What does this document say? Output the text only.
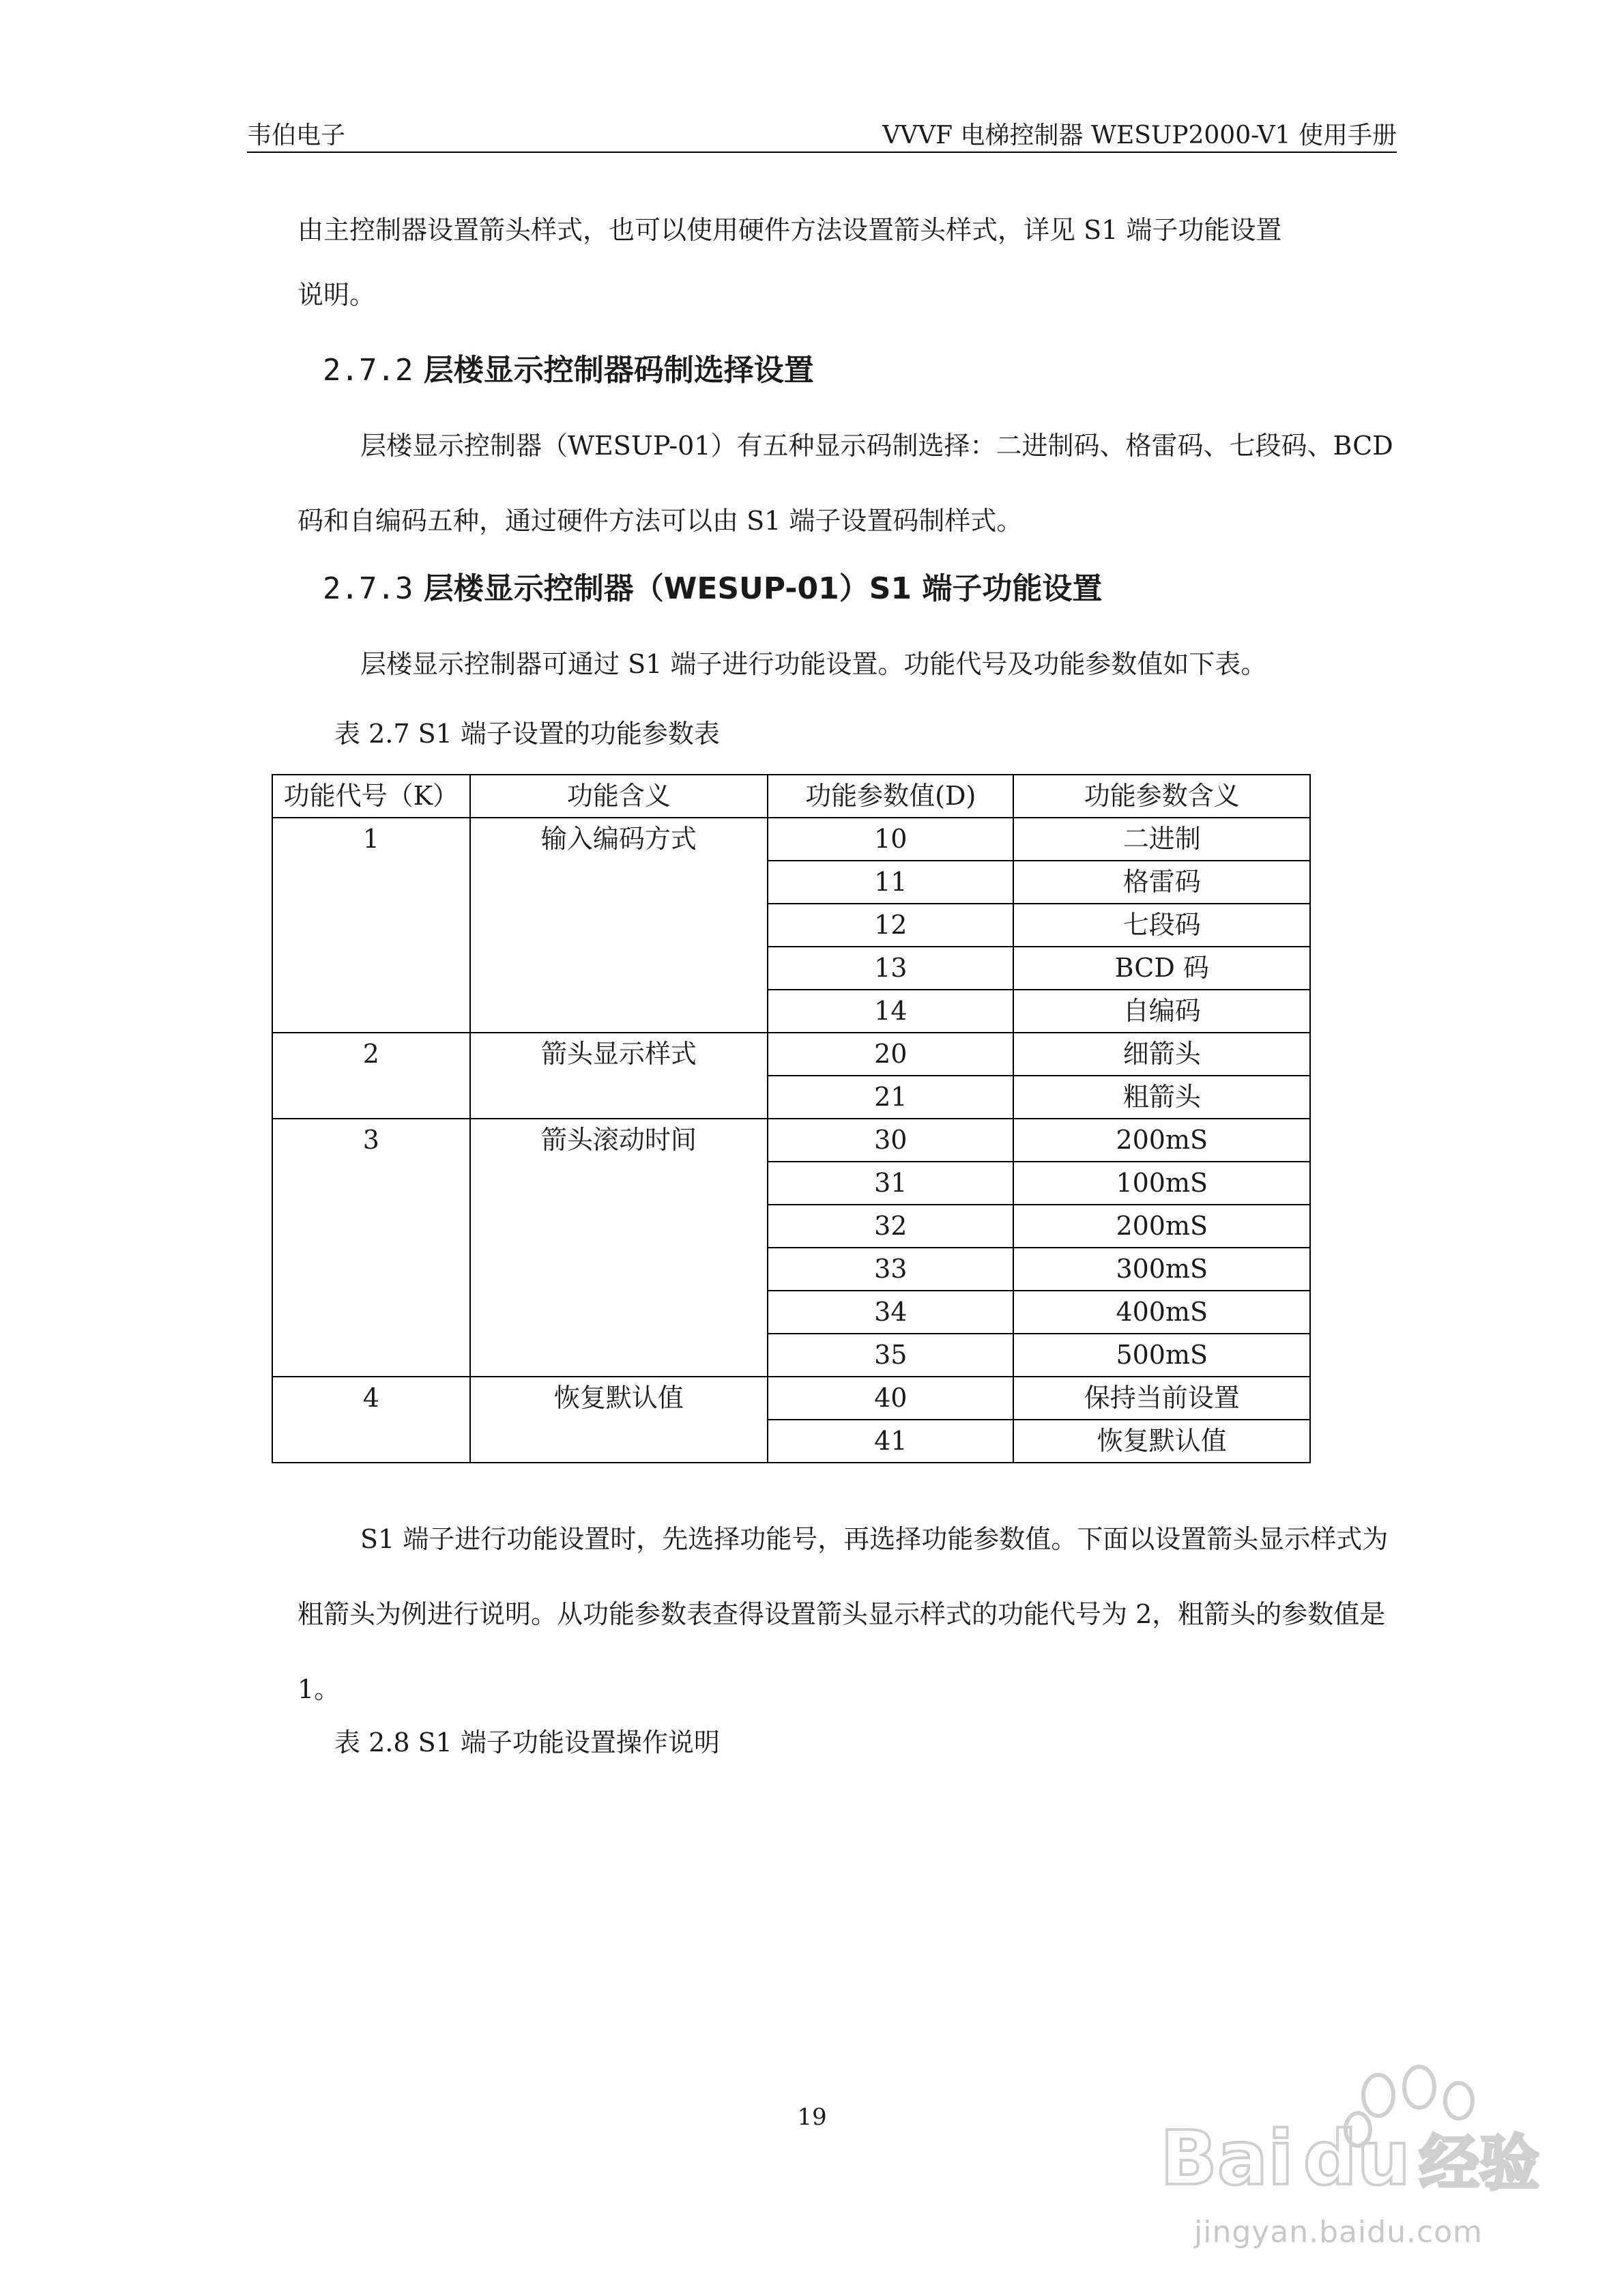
韦伯电子	VVVF 电梯控制器 WESUP2000-V1 使用手册

由主控制器设置箭头样式，也可以使用硬件方法设置箭头样式，详见 S1 端子功能设置

说明。

2.7.2 层楼显示控制器码制选择设置

层楼显示控制器（WESUP-01）有五种显示码制选择：二进制码、格雷码、七段码、BCD 码和自编码五种，通过硬件方法可以由 S1 端子设置码制样式。

2.7.3 层楼显示控制器（WESUP-01）S1 端子功能设置

层楼显示控制器可通过 S1 端子进行功能设置。功能代号及功能参数值如下表。

表 2.7 S1 端子设置的功能参数表

功能代号（K）	功能含义	功能参数值(D)	功能参数含义
1	输入编码方式	10	二进制
		11	格雷码
		12	七段码
		13	BCD 码
		14	自编码
2	箭头显示样式	20	细箭头
		21	粗箭头
3	箭头滚动时间	30	200mS
		31	100mS
		32	200mS
		33	300mS
		34	400mS
		35	500mS
4	恢复默认值	40	保持当前设置
		41	恢复默认值

S1 端子进行功能设置时，先选择功能号，再选择功能参数值。下面以设置箭头显示样式为粗箭头为例进行说明。从功能参数表查得设置箭头显示样式的功能代号为 2，粗箭头的参数值是 1。

表 2.8 S1 端子功能设置操作说明

19	Bai du 经验
jingyan.baidu.com
